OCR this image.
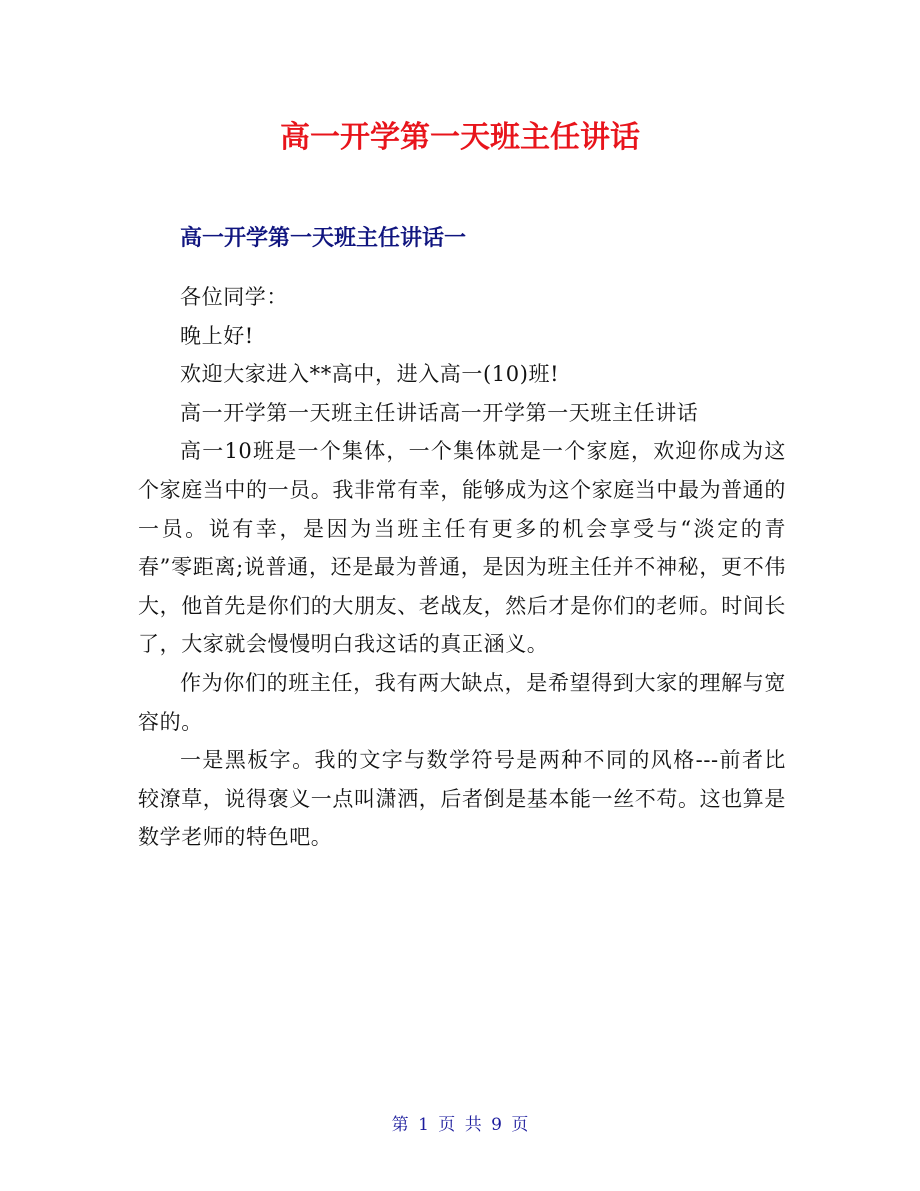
高一开学第一天班主任讲话
高一开学第一天班主任讲话一

各位同学：

晚上好!

欢迎大家进入**高中，进入高一(10)班!

高一开学第一天班主任讲话高一开学第一天班主任讲话

高一10班是一个集体，一个集体就是一个家庭，欢迎你成为这个家庭当中的一员。我非常有幸，能够成为这个家庭当中最为普通的一员。说有幸，是因为当班主任有更多的机会享受与“淡定的青春”零距离;说普通，还是最为普通，是因为班主任并不神秘，更不伟大，他首先是你们的大朋友、老战友，然后才是你们的老师。时间长了，大家就会慢慢明白我这话的真正涵义。

作为你们的班主任，我有两大缺点，是希望得到大家的理解与宽容的。

一是黑板字。我的文字与数学符号是两种不同的风格---前者比较潦草，说得褒义一点叫潇洒，后者倒是基本能一丝不苟。这也算是数学老师的特色吧。

第 1 页 共 9 页
